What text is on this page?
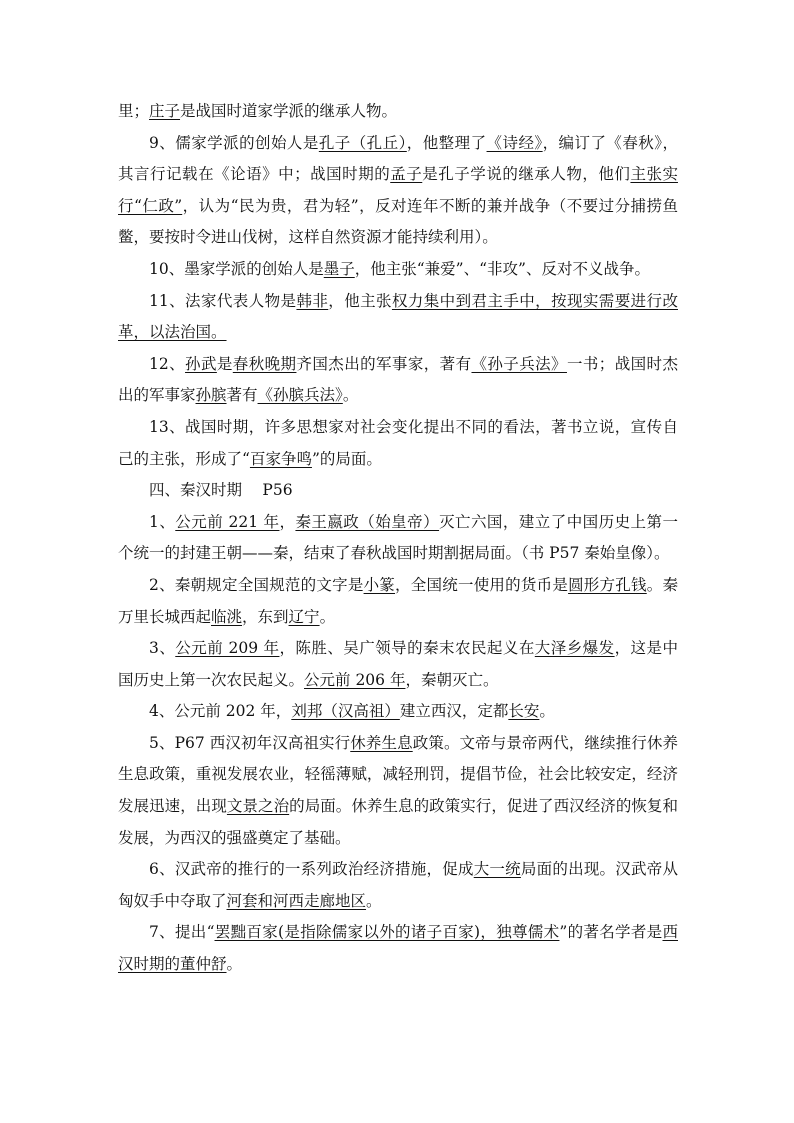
里；庄子是战国时道家学派的继承人物。

9、儒家学派的创始人是孔子（孔丘），他整理了《诗经》，编订了《春秋》，其言行记载在《论语》中；战国时期的孟子是孔子学说的继承人物，他们主张实行“仁政”，认为“民为贵，君为轻”，反对连年不断的兼并战争（不要过分捕捞鱼鳖，要按时令进山伐树，这样自然资源才能持续利用）。

10、墨家学派的创始人是墨子，他主张“兼爱”、“非攻”、反对不义战争。

11、法家代表人物是韩非，他主张权力集中到君主手中，按现实需要进行改革，以法治国。

12、孙武是春秋晚期齐国杰出的军事家，著有《孙子兵法》一书；战国时杰出的军事家孙膑著有《孙膑兵法》。

13、战国时期，许多思想家对社会变化提出不同的看法，著书立说，宣传自己的主张，形成了“百家争鸣”的局面。

四、秦汉时期　 P56

1、公元前 221 年，秦王嬴政（始皇帝）灭亡六国，建立了中国历史上第一个统一的封建王朝——秦，结束了春秋战国时期割据局面。（书 P57 秦始皇像）。

2、秦朝规定全国规范的文字是小篆，全国统一使用的货币是圆形方孔钱。秦万里长城西起临洮，东到辽宁。

3、公元前 209 年，陈胜、吴广领导的秦末农民起义在大泽乡爆发，这是中国历史上第一次农民起义。公元前 206 年，秦朝灭亡。

4、公元前 202 年，刘邦（汉高祖）建立西汉，定都长安。

5、P67 西汉初年汉高祖实行休养生息政策。文帝与景帝两代，继续推行休养生息政策，重视发展农业，轻徭薄赋，减轻刑罚，提倡节俭，社会比较安定，经济发展迅速，出现文景之治的局面。休养生息的政策实行，促进了西汉经济的恢复和发展，为西汉的强盛奠定了基础。

6、汉武帝的推行的一系列政治经济措施，促成大一统局面的出现。汉武帝从匈奴手中夺取了河套和河西走廊地区。

7、提出“罢黜百家(是指除儒家以外的诸子百家)，独尊儒术”的著名学者是西汉时期的董仲舒。
